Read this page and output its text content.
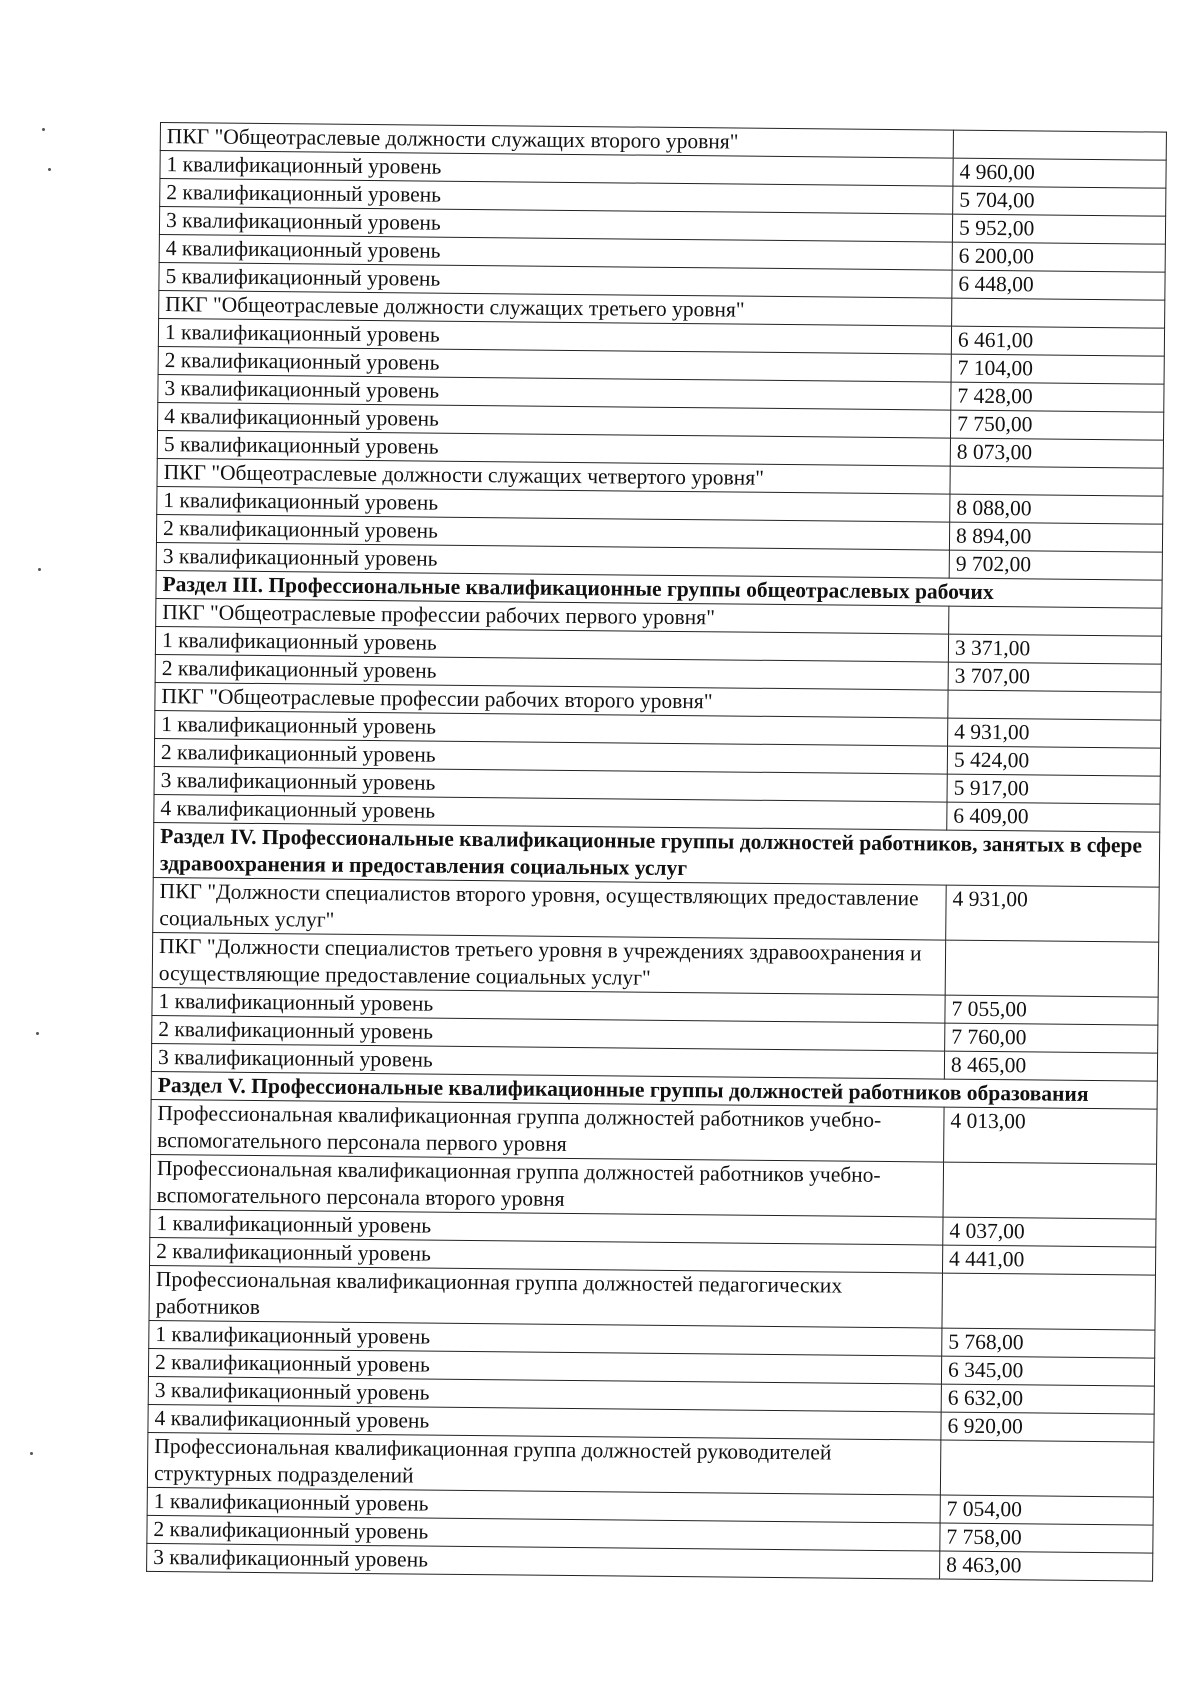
ПКГ "Общеотраслевые должности служащих второго уровня"	
1 квалификационный уровень	4 960,00
2 квалификационный уровень	5 704,00
3 квалификационный уровень	5 952,00
4 квалификационный уровень	6 200,00
5 квалификационный уровень	6 448,00
ПКГ "Общеотраслевые должности служащих третьего уровня"	
1 квалификационный уровень	6 461,00
2 квалификационный уровень	7 104,00
3 квалификационный уровень	7 428,00
4 квалификационный уровень	7 750,00
5 квалификационный уровень	8 073,00
ПКГ "Общеотраслевые должности служащих четвертого уровня"	
1 квалификационный уровень	8 088,00
2 квалификационный уровень	8 894,00
3 квалификационный уровень	9 702,00
Раздел III. Профессиональные квалификационные группы общеотраслевых рабочих	
ПКГ "Общеотраслевые профессии рабочих первого уровня"	
1 квалификационный уровень	3 371,00
2 квалификационный уровень	3 707,00
ПКГ "Общеотраслевые профессии рабочих второго уровня"	
1 квалификационный уровень	4 931,00
2 квалификационный уровень	5 424,00
3 квалификационный уровень	5 917,00
4 квалификационный уровень	6 409,00
Раздел IV. Профессиональные квалификационные группы должностей работников, занятых в сфере здравоохранения и предоставления социальных услуг	
ПКГ "Должности специалистов второго уровня, осуществляющих предоставление социальных услуг"	4 931,00
ПКГ "Должности специалистов третьего уровня в учреждениях здравоохранения и осуществляющие предоставление социальных услуг"	
1 квалификационный уровень	7 055,00
2 квалификационный уровень	7 760,00
3 квалификационный уровень	8 465,00
Раздел V. Профессиональные квалификационные группы должностей работников образования	
Профессиональная квалификационная группа должностей работников учебно-вспомогательного персонала первого уровня	4 013,00
Профессиональная квалификационная группа должностей работников учебно-вспомогательного персонала второго уровня	
1 квалификационный уровень	4 037,00
2 квалификационный уровень	4 441,00
Профессиональная квалификационная группа должностей педагогических работников	
1 квалификационный уровень	5 768,00
2 квалификационный уровень	6 345,00
3 квалификационный уровень	6 632,00
4 квалификационный уровень	6 920,00
Профессиональная квалификационная группа должностей руководителей структурных подразделений	
1 квалификационный уровень	7 054,00
2 квалификационный уровень	7 758,00
3 квалификационный уровень	8 463,00
